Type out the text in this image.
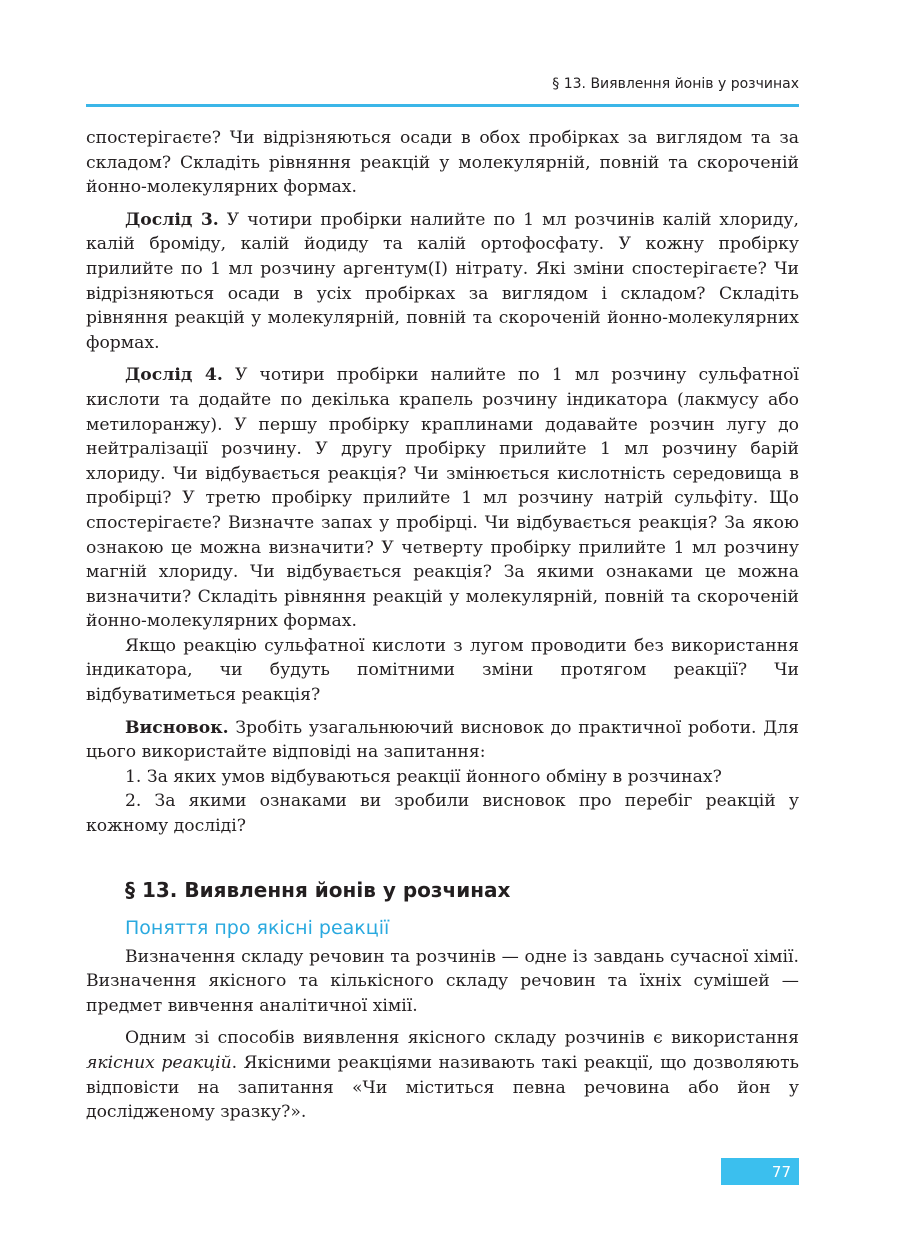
§ 13. Виявлення йонів у розчинах

спостерігаєте? Чи відрізняються осади в обох пробірках за виглядом та за складом? Складіть рівняння реакцій у молекулярній, повній та скороченій йонно-молекулярних формах.

Дослід 3. У чотири пробірки налийте по 1 мл розчинів калій хлориду, калій броміду, калій йодиду та калій ортофосфату. У кожну пробірку прилийте по 1 мл розчину аргентум(I) нітрату. Які зміни спостерігаєте? Чи відрізняються осади в усіх пробірках за виглядом і складом? Складіть рівняння реакцій у молекулярній, повній та скороченій йонно-молекулярних формах.

Дослід 4. У чотири пробірки налийте по 1 мл розчину сульфатної кислоти та додайте по декілька крапель розчину індикатора (лакмусу або метилоранжу). У першу пробірку краплинами додавайте розчин лугу до нейтралізації розчину. У другу пробірку прилийте 1 мл розчину барій хлориду. Чи відбувається реакція? Чи змінюється кислотність середовища в пробірці? У третю пробірку прилийте 1 мл розчину натрій сульфіту. Що спостерігаєте? Визначте запах у пробірці. Чи відбувається реакція? За якою ознакою це можна визначити? У четверту пробірку прилийте 1 мл розчину магній хлориду. Чи відбувається реакція? За якими ознаками це можна визначити? Складіть рівняння реакцій у молекулярній, повній та скороченій йонно-молекулярних формах.

Якщо реакцію сульфатної кислоти з лугом проводити без використання індикатора, чи будуть помітними зміни протягом реакції? Чи відбуватиметься реакція?

Висновок. Зробіть узагальнюючий висновок до практичної роботи. Для цього використайте відповіді на запитання:

1. За яких умов відбуваються реакції йонного обміну в розчинах?

2. За якими ознаками ви зробили висновок про перебіг реакцій у кожному досліді?

§ 13. Виявлення йонів у розчинах

Поняття про якісні реакції

Визначення складу речовин та розчинів — одне із завдань сучасної хімії. Визначення якісного та кількісного складу речовин та їхніх сумішей — предмет вивчення аналітичної хімії.

Одним зі способів виявлення якісного складу розчинів є використання якісних реакцій. Якісними реакціями називають такі реакції, що дозволяють відповісти на запитання «Чи міститься певна речовина або йон у дослідженому зразку?».

77
